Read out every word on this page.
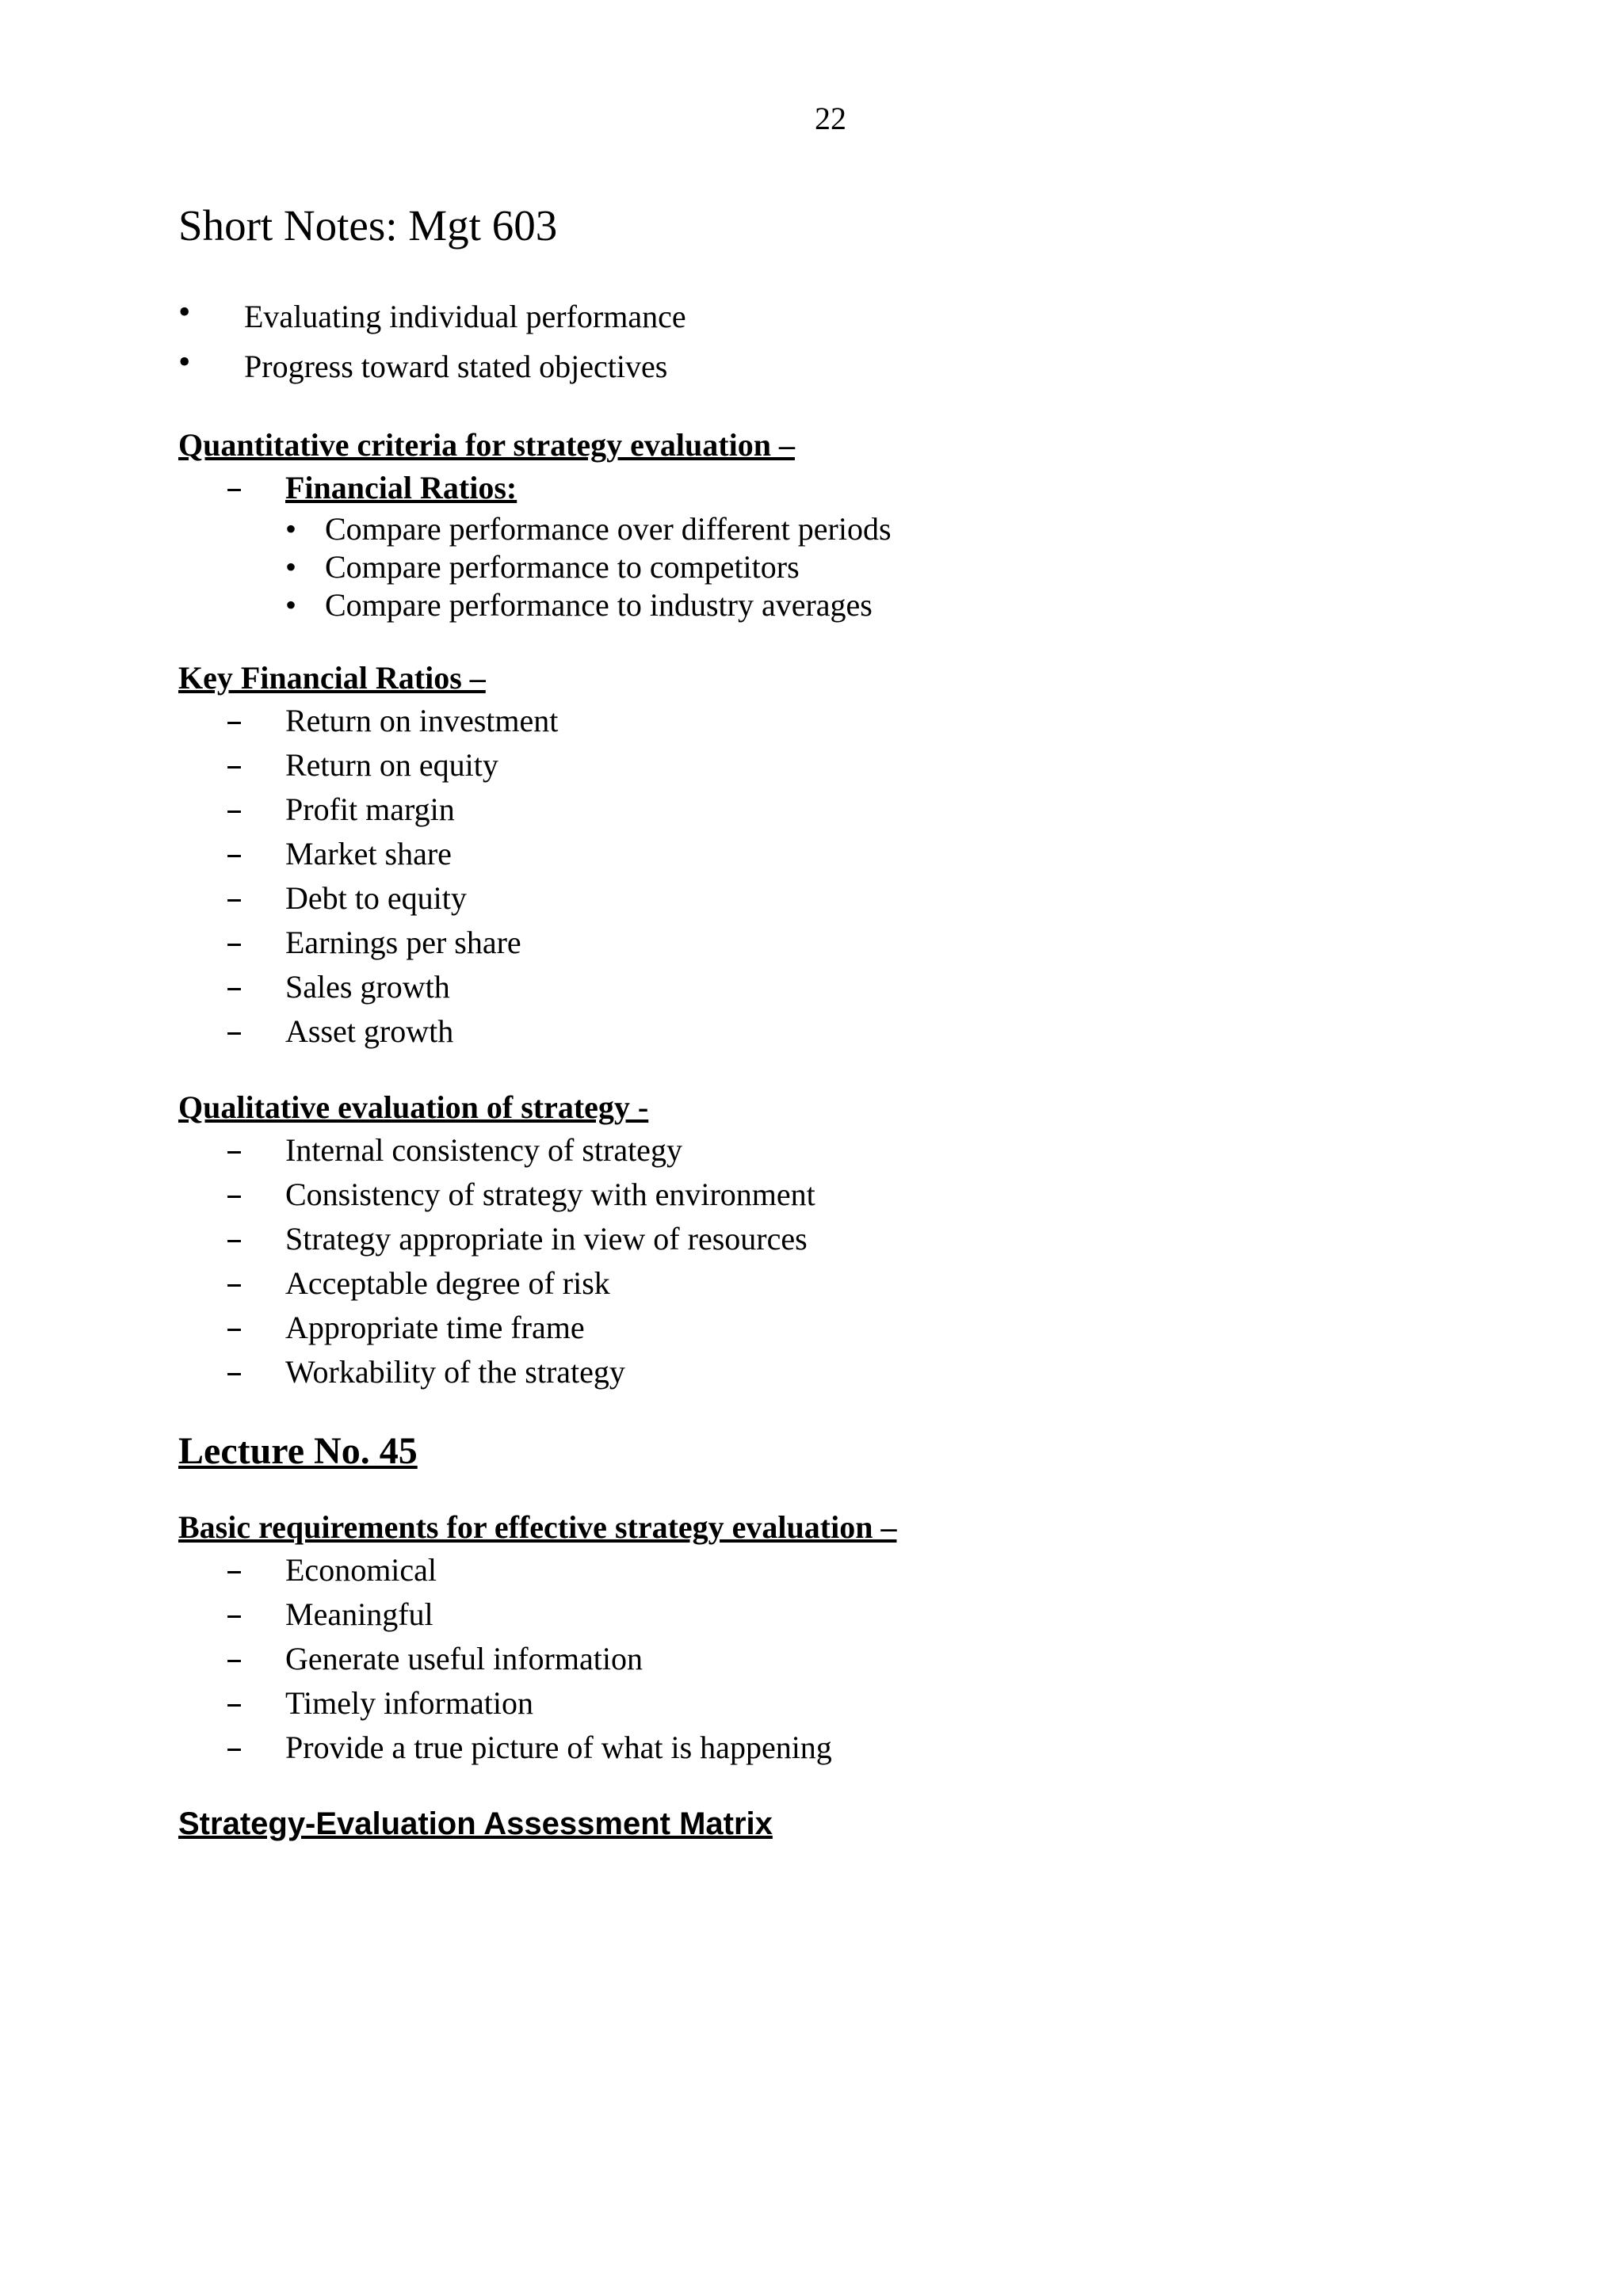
22
Short Notes: Mgt 603
• Evaluating individual performance
• Progress toward stated objectives
Quantitative criteria for strategy evaluation –
– Financial Ratios:
• Compare performance over different periods
• Compare performance to competitors
• Compare performance to industry averages
Key Financial Ratios –
– Return on investment
– Return on equity
– Profit margin
– Market share
– Debt to equity
– Earnings per share
– Sales growth
– Asset growth
Qualitative evaluation of strategy -
– Internal consistency of strategy
– Consistency of strategy with environment
– Strategy appropriate in view of resources
– Acceptable degree of risk
– Appropriate time frame
– Workability of the strategy
Lecture No. 45
Basic requirements for effective strategy evaluation –
– Economical
– Meaningful
– Generate useful information
– Timely information
– Provide a true picture of what is happening
Strategy-Evaluation Assessment Matrix
